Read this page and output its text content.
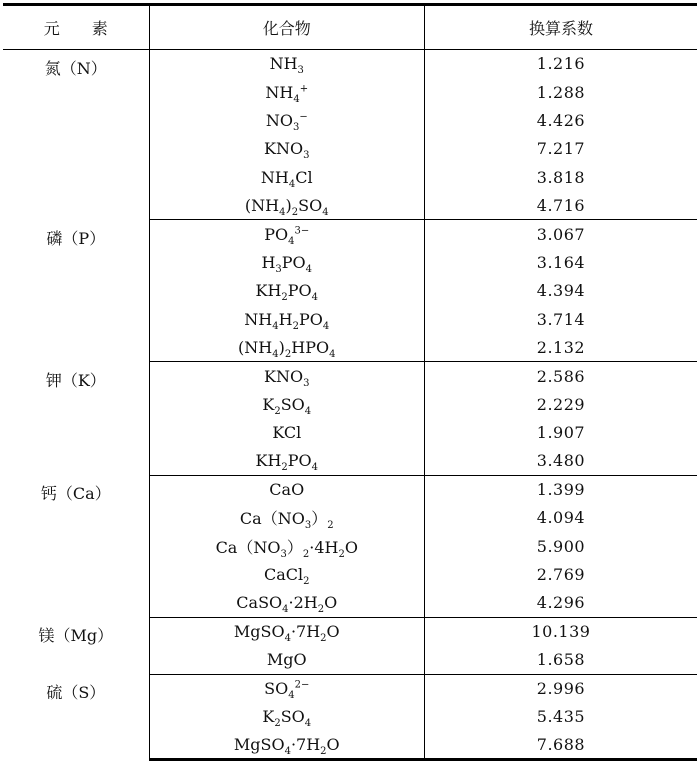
元　　素	化合物	换算系数
氮（N）	$NH_3$	1.216
	$NH_4^+$	1.288
	$NO_3^-$	4.426
	$KNO_3$	7.217
	$NH_4Cl$	3.818
	$(NH_4)_2SO_4$	4.716
磷（P）	$PO_4^{3-}$	3.067
	$H_3PO_4$	3.164
	$KH_2PO_4$	4.394
	$NH_4H_2PO_4$	3.714
	$(NH_4)_2HPO_4$	2.132
钾（K）	$KNO_3$	2.586
	$K_2SO_4$	2.229
	KCl	1.907
	$KH_2PO_4$	3.480
钙（Ca）	CaO	1.399
	$Ca(NO_3)_2$	4.094
	$Ca(NO_3)_2\cdot 4H_2O$	5.900
	CaCl$_2$	2.769
	$CaSO_4\cdot 2H_2O$	4.296
镁（Mg）	$MgSO_4\cdot 7H_2O$	10.139
	MgO	1.658
硫（S）	$SO_4^{2-}$	2.996
	$K_2SO_4$	5.435
	$MgSO_4\cdot 7H_2O$	7.688
